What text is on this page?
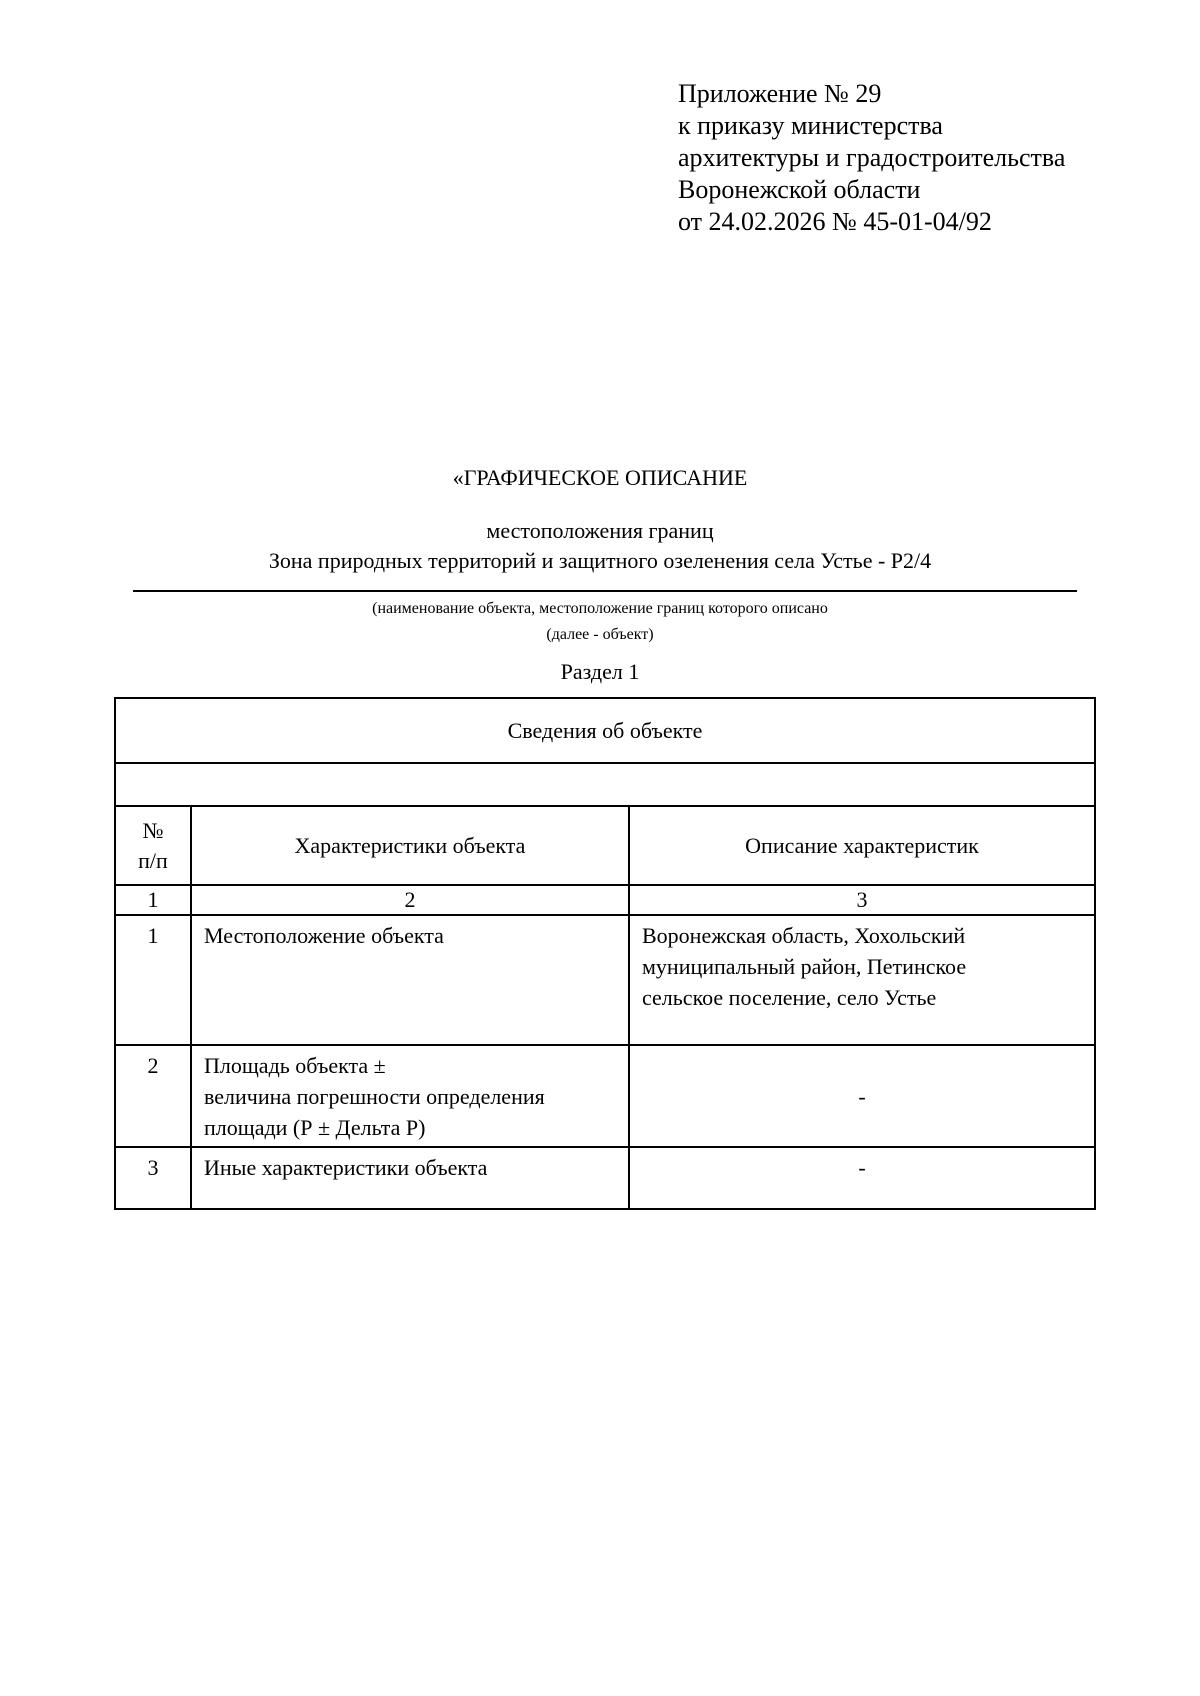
Приложение № 29
к приказу министерства
архитектуры и градостроительства
Воронежской области
от 24.02.2026 № 45-01-04/92
«ГРАФИЧЕСКОЕ ОПИСАНИЕ
местоположения границ
Зона природных территорий и защитного озеленения села Устье - Р2/4
(наименование объекта, местоположение границ которого описано
(далее - объект)
Раздел 1
Сведения об объекте		

№
п/п	Характеристики объекта	Описание характеристик
1	2	3
1	Местоположение объекта	Воронежская область, Хохольский
муниципальный район, Петинское
сельское поселение, село Устье

2	Площадь объекта ±
величина погрешности определения
площади (Р ± Дельта Р)	-
3	Иные характеристики объекта	-
